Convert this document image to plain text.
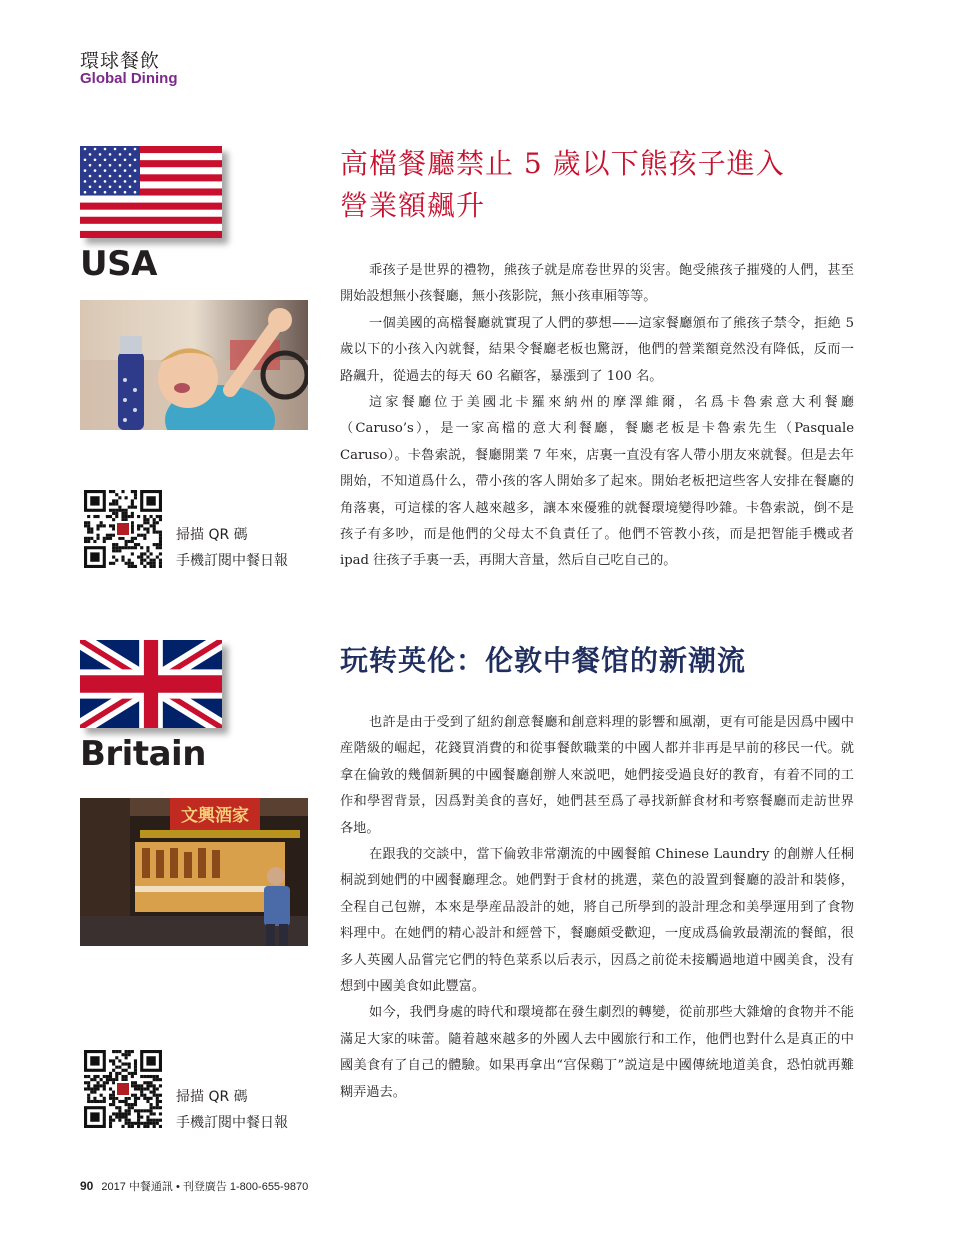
環球餐飲
Global Dining
USA
掃描 QR 碼
手機訂閱中餐日報
高檔餐廳禁止 5 歲以下熊孩子進入
營業額飆升

乖孩子是世界的禮物，熊孩子就是席卷世界的災害。飽受熊孩子摧殘的人們，甚至開始設想無小孩餐廳，無小孩影院，無小孩車厢等等。

一個美國的高檔餐廳就實現了人們的夢想——這家餐廳頒布了熊孩子禁令，拒絶 5 歲以下的小孩入內就餐，結果令餐廳老板也驚訝，他們的營業額竟然没有降低，反而一路飆升，從過去的每天 60 名顧客，暴漲到了 100 名。

這家餐廳位于美國北卡羅來納州的摩澤維爾，名爲卡魯索意大利餐廳（Caruso’s），是一家高檔的意大利餐廳，餐廳老板是卡魯索先生（Pasquale Caruso）。卡魯索説，餐廳開業 7 年來，店裏一直没有客人帶小朋友來就餐。但是去年開始，不知道爲什么，帶小孩的客人開始多了起來。開始老板把這些客人安排在餐廳的角落裏，可這樣的客人越來越多，讓本來優雅的就餐環境變得吵雜。卡魯索説，倒不是孩子有多吵，而是他們的父母太不負責任了。他們不管教小孩，而是把智能手機或者 ipad 往孩子手裏一丢，再開大音量，然后自己吃自己的。

Britain
文興酒家
掃描 QR 碼
手機訂閱中餐日報
玩转英伦：伦敦中餐馆的新潮流

也許是由于受到了紐約創意餐廳和創意料理的影響和風潮，更有可能是因爲中國中産階級的崛起，花錢買消費的和從事餐飲職業的中國人都并非再是早前的移民一代。就拿在倫敦的幾個新興的中國餐廳創辦人來説吧，她們接受過良好的教育，有着不同的工作和學習背景，因爲對美食的喜好，她們甚至爲了尋找新鮮食材和考察餐廳而走訪世界各地。

在跟我的交談中，當下倫敦非常潮流的中國餐館 Chinese Laundry 的創辦人任桐桐説到她們的中國餐廳理念。她們對于食材的挑選，菜色的設置到餐廳的設計和裝修，全程自己包辦，本來是學産品設計的她，將自己所學到的設計理念和美學運用到了食物料理中。在她們的精心設計和經營下，餐廳頗受歡迎，一度成爲倫敦最潮流的餐館，很多人英國人品嘗完它們的特色菜系以后表示，因爲之前從未接觸過地道中國美食，没有想到中國美食如此豐富。

如今，我們身處的時代和環境都在發生劇烈的轉變，從前那些大雜燴的食物并不能滿足大家的味蕾。隨着越來越多的外國人去中國旅行和工作，他們也對什么是真正的中國美食有了自己的體驗。如果再拿出“宫保鷄丁”説這是中國傳統地道美食，恐怕就再難糊弄過去。

90 2017 中餐通訊 • 刊登廣告 1-800-655-9870
